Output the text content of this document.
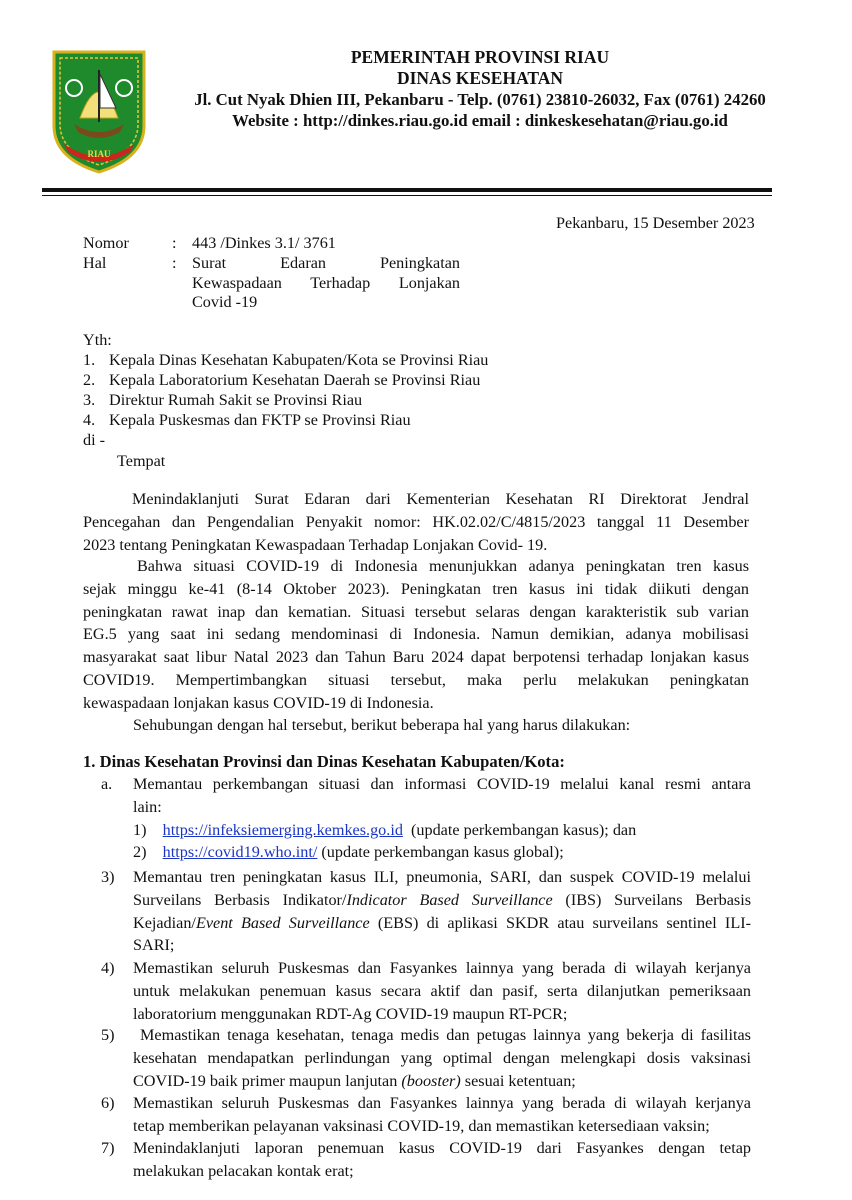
RIAU
PEMERINTAH PROVINSI RIAU
DINAS KESEHATAN
Jl. Cut Nyak Dhien III, Pekanbaru - Telp. (0761) 23810-26032, Fax (0761) 24260
Website : http://dinkes.riau.go.id email : dinkeskesehatan@riau.go.id
Pekanbaru, 15 Desember 2023
Nomor	: 443 /Dinkes 3.1/ 3761
Hal	: Surat Edaran Peningkatan
Kewaspadaan Terhadap Lonjakan
Covid -19
Yth:
1. Kepala Dinas Kesehatan Kabupaten/Kota se Provinsi Riau
2. Kepala Laboratorium Kesehatan Daerah se Provinsi Riau
3. Direktur Rumah Sakit se Provinsi Riau
4. Kepala Puskesmas dan FKTP se Provinsi Riau
di -
Tempat
Menindaklanjuti Surat Edaran dari Kementerian Kesehatan RI Direktorat Jendral
Pencegahan dan Pengendalian Penyakit nomor: HK.02.02/C/4815/2023 tanggal 11 Desember
2023 tentang Peningkatan Kewaspadaan Terhadap Lonjakan Covid- 19.
Bahwa situasi COVID-19 di Indonesia menunjukkan adanya peningkatan tren kasus
sejak minggu ke-41 (8-14 Oktober 2023). Peningkatan tren kasus ini tidak diikuti dengan
peningkatan rawat inap dan kematian. Situasi tersebut selaras dengan karakteristik sub varian
EG.5 yang saat ini sedang mendominasi di Indonesia. Namun demikian, adanya mobilisasi
masyarakat saat libur Natal 2023 dan Tahun Baru 2024 dapat berpotensi terhadap lonjakan kasus
COVID19. Mempertimbangkan situasi tersebut, maka perlu melakukan peningkatan
kewaspadaan lonjakan kasus COVID-19 di Indonesia.
Sehubungan dengan hal tersebut, berikut beberapa hal yang harus dilakukan:
1. Dinas Kesehatan Provinsi dan Dinas Kesehatan Kabupaten/Kota:
a. Memantau perkembangan situasi dan informasi COVID-19 melalui kanal resmi antara
lain:
1) https://infeksiemerging.kemkes.go.id  (update perkembangan kasus); dan
2) https://covid19.who.int/ (update perkembangan kasus global);
3) Memantau tren peningkatan kasus ILI, pneumonia, SARI, dan suspek COVID-19 melalui
Surveilans Berbasis Indikator/Indicator Based Surveillance (IBS) Surveilans Berbasis
Kejadian/Event Based Surveillance (EBS) di aplikasi SKDR atau surveilans sentinel ILI-
SARI;
4) Memastikan seluruh Puskesmas dan Fasyankes lainnya yang berada di wilayah kerjanya
untuk melakukan penemuan kasus secara aktif dan pasif, serta dilanjutkan pemeriksaan
laboratorium menggunakan RDT-Ag COVID-19 maupun RT-PCR;
5) Memastikan tenaga kesehatan, tenaga medis dan petugas lainnya yang bekerja di fasilitas
kesehatan mendapatkan perlindungan yang optimal dengan melengkapi dosis vaksinasi
COVID-19 baik primer maupun lanjutan (booster) sesuai ketentuan;
6) Memastikan seluruh Puskesmas dan Fasyankes lainnya yang berada di wilayah kerjanya
tetap memberikan pelayanan vaksinasi COVID-19, dan memastikan ketersediaan vaksin;
7) Menindaklanjuti laporan penemuan kasus COVID-19 dari Fasyankes dengan tetap
melakukan pelacakan kontak erat;
